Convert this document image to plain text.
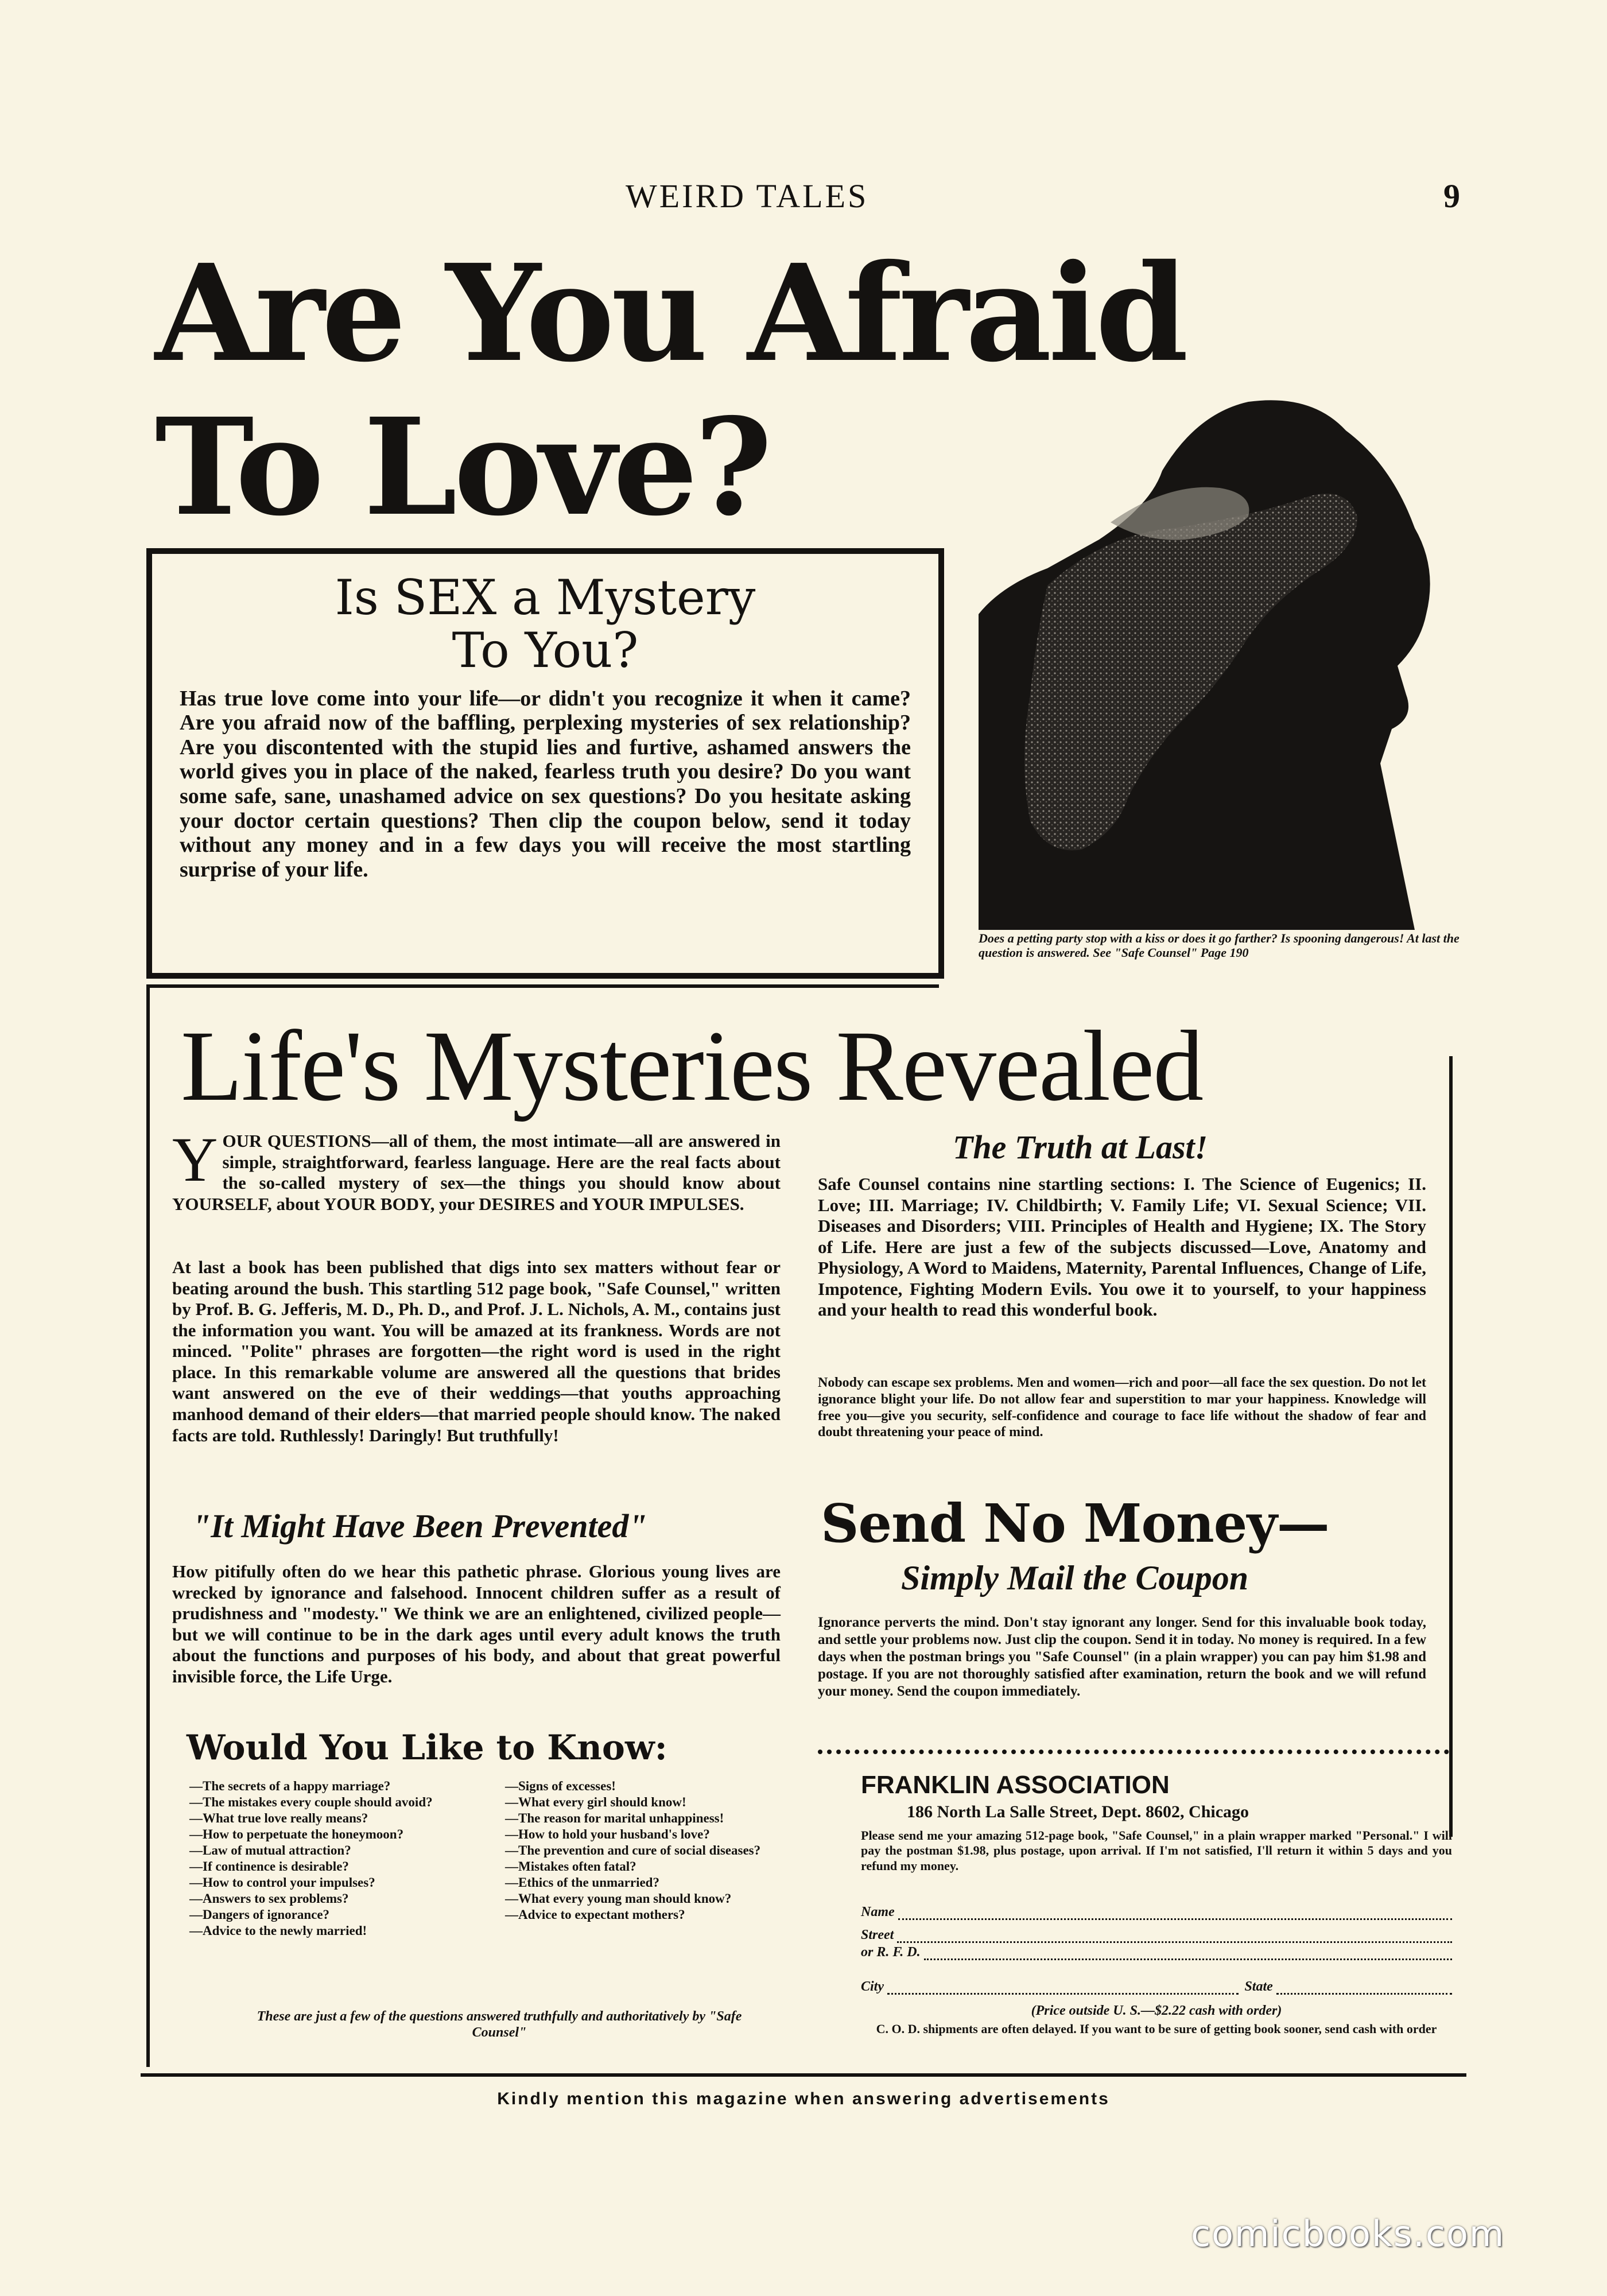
WEIRD TALES	9
Are You Afraid
To Love?
Is SEX a Mystery
To You?
Has true love come into your life—or didn't you recognize it when it came? Are you afraid now of the baffling, perplexing mysteries of sex relationship? Are you discontented with the stupid lies and furtive, ashamed answers the world gives you in place of the naked, fearless truth you desire? Do you want some safe, sane, unashamed advice on sex questions? Do you hesitate asking your doctor certain questions? Then clip the coupon below, send it today without any money and in a few days you will receive the most startling surprise of your life.
Does a petting party stop with a kiss or does it go farther? Is spooning dangerous! At last the question is answered. See "Safe Counsel" Page 190
Life's Mysteries Revealed
YOUR QUESTIONS—all of them, the most intimate—all are answered in simple, straightforward, fearless language. Here are the real facts about the so-called mystery of sex—the things you should know about YOURSELF, about YOUR BODY, your DESIRES and YOUR IMPULSES.
At last a book has been published that digs into sex matters without fear or beating around the bush. This startling 512 page book, "Safe Counsel," written by Prof. B. G. Jefferis, M. D., Ph. D., and Prof. J. L. Nichols, A. M., contains just the information you want. You will be amazed at its frankness. Words are not minced. "Polite" phrases are forgotten—the right word is used in the right place. In this remarkable volume are answered all the questions that brides want answered on the eve of their weddings—that youths approaching manhood demand of their elders—that married people should know. The naked facts are told. Ruthlessly! Daringly! But truthfully!
"It Might Have Been Prevented"
How pitifully often do we hear this pathetic phrase. Glorious young lives are wrecked by ignorance and falsehood. Innocent children suffer as a result of prudishness and "modesty." We think we are an enlightened, civilized people—but we will continue to be in the dark ages until every adult knows the truth about the functions and purposes of his body, and about that great powerful invisible force, the Life Urge.
Would You Like to Know:
—The secrets of a happy marriage?
—The mistakes every couple should avoid?
—What true love really means?
—How to perpetuate the honeymoon?
—Law of mutual attraction?
—If continence is desirable?
—How to control your impulses?
—Answers to sex problems?
—Dangers of ignorance?
—Advice to the newly married!
—Signs of excesses!
—What every girl should know!
—The reason for marital unhappiness!
—How to hold your husband's love?
—The prevention and cure of social diseases?
—Mistakes often fatal?
—Ethics of the unmarried?
—What every young man should know?
—Advice to expectant mothers?
These are just a few of the questions answered truthfully and authoritatively by "Safe Counsel"
The Truth at Last!
Safe Counsel contains nine startling sections: I. The Science of Eugenics; II. Love; III. Marriage; IV. Childbirth; V. Family Life; VI. Sexual Science; VII. Diseases and Disorders; VIII. Principles of Health and Hygiene; IX. The Story of Life. Here are just a few of the subjects discussed—Love, Anatomy and Physiology, A Word to Maidens, Maternity, Parental Influences, Change of Life, Impotence, Fighting Modern Evils. You owe it to yourself, to your happiness and your health to read this wonderful book.
Nobody can escape sex problems. Men and women—rich and poor—all face the sex question. Do not let ignorance blight your life. Do not allow fear and superstition to mar your happiness. Knowledge will free you—give you security, self-confidence and courage to face life without the shadow of fear and doubt threatening your peace of mind.
Send No Money—
Simply Mail the Coupon
Ignorance perverts the mind. Don't stay ignorant any longer. Send for this invaluable book today, and settle your problems now. Just clip the coupon. Send it in today. No money is required. In a few days when the postman brings you "Safe Counsel" (in a plain wrapper) you can pay him $1.98 and postage. If you are not thoroughly satisfied after examination, return the book and we will refund your money. Send the coupon immediately.
FRANKLIN ASSOCIATION
186 North La Salle Street, Dept. 8602, Chicago
Please send me your amazing 512-page book, "Safe Counsel," in a plain wrapper marked "Personal." I will pay the postman $1.98, plus postage, upon arrival. If I'm not satisfied, I'll return it within 5 days and you refund my money.
Name
Street
or R. F. D.
City	State
(Price outside U. S.—$2.22 cash with order)
C. O. D. shipments are often delayed. If you want to be sure of getting book sooner, send cash with order
Kindly mention this magazine when answering advertisements
comicbooks.com
